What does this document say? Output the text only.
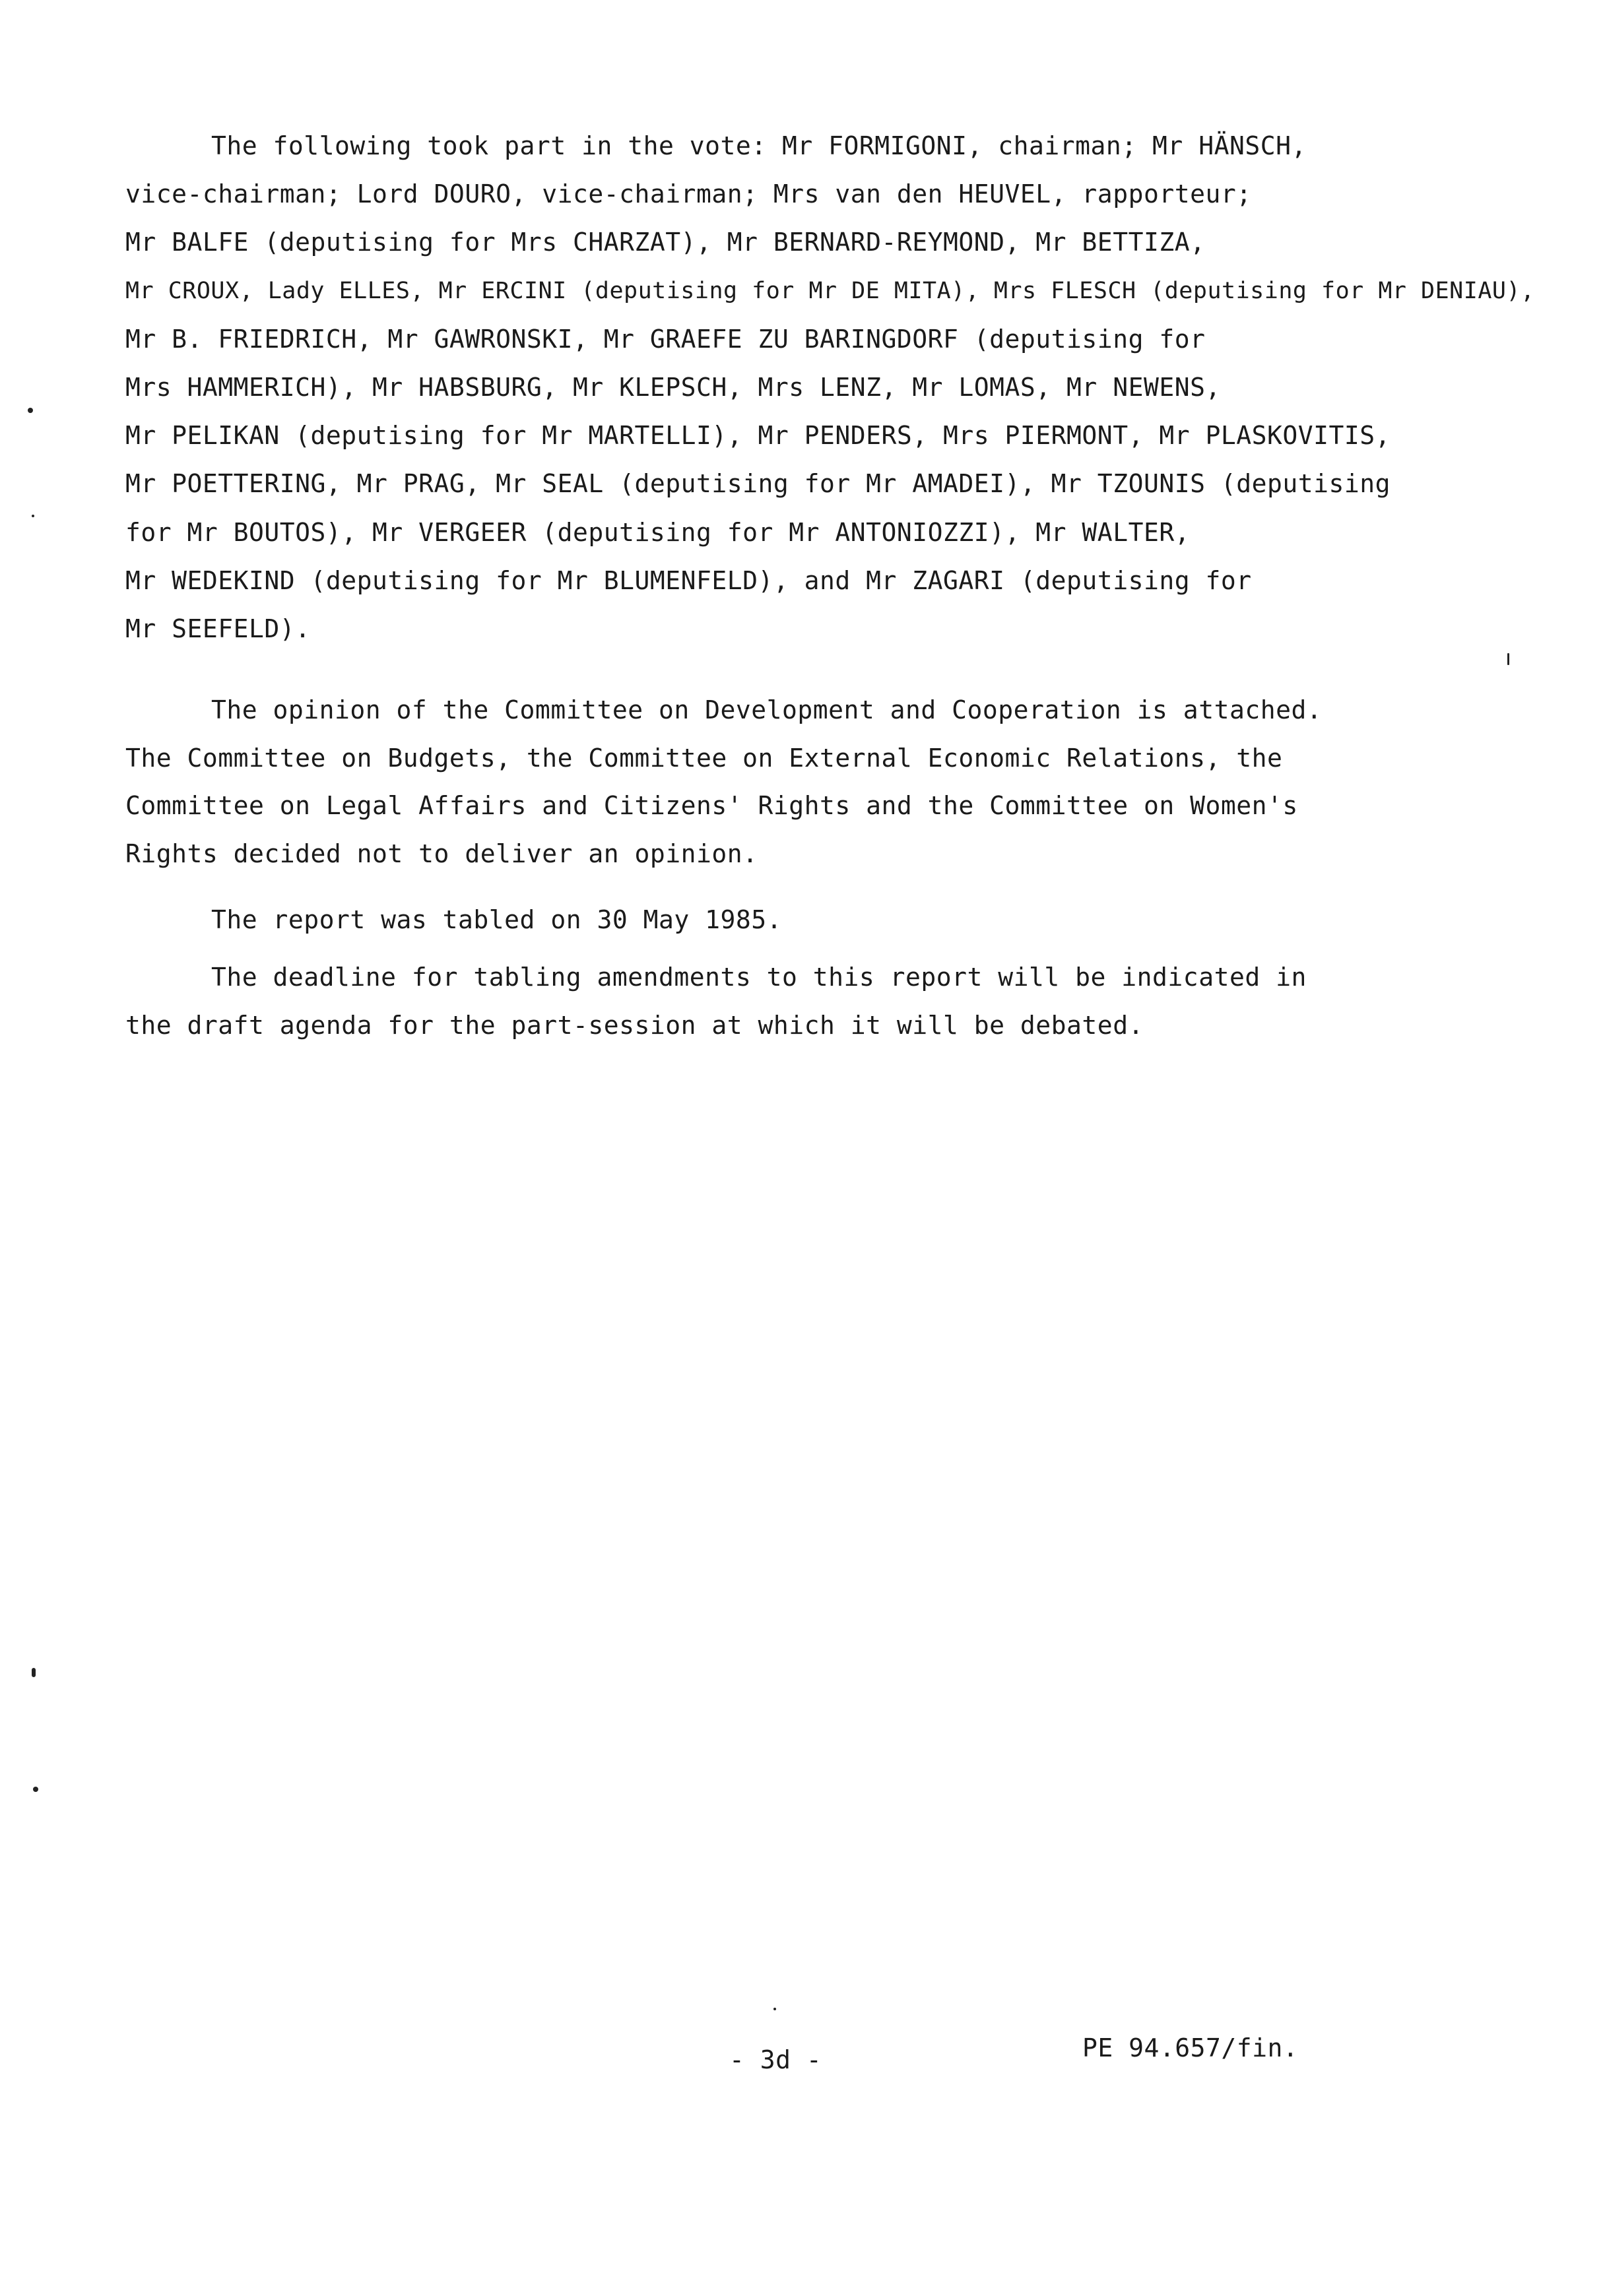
The following took part in the vote: Mr FORMIGONI, chairman; Mr HÄNSCH,
vice-chairman; Lord DOURO, vice-chairman; Mrs van den HEUVEL, rapporteur;
Mr BALFE (deputising for Mrs CHARZAT), Mr BERNARD-REYMOND, Mr BETTIZA,
Mr CROUX, Lady ELLES, Mr ERCINI (deputising for Mr DE MITA), Mrs FLESCH (deputising for Mr DENIAU),
Mr B. FRIEDRICH, Mr GAWRONSKI, Mr GRAEFE ZU BARINGDORF (deputising for
Mrs HAMMERICH), Mr HABSBURG, Mr KLEPSCH, Mrs LENZ, Mr LOMAS, Mr NEWENS,
Mr PELIKAN (deputising for Mr MARTELLI), Mr PENDERS, Mrs PIERMONT, Mr PLASKOVITIS,
Mr POETTERING, Mr PRAG, Mr SEAL (deputising for Mr AMADEI), Mr TZOUNIS (deputising
for Mr BOUTOS), Mr VERGEER (deputising for Mr ANTONIOZZI), Mr WALTER,
Mr WEDEKIND (deputising for Mr BLUMENFELD), and Mr ZAGARI (deputising for
Mr SEEFELD).
The opinion of the Committee on Development and Cooperation is attached.
The Committee on Budgets, the Committee on External Economic Relations, the
Committee on Legal Affairs and Citizens' Rights and the Committee on Women's
Rights decided not to deliver an opinion.
The report was tabled on 30 May 1985.
The deadline for tabling amendments to this report will be indicated in
the draft agenda for the part-session at which it will be debated.
- 3d -	PE 94.657/fin.
